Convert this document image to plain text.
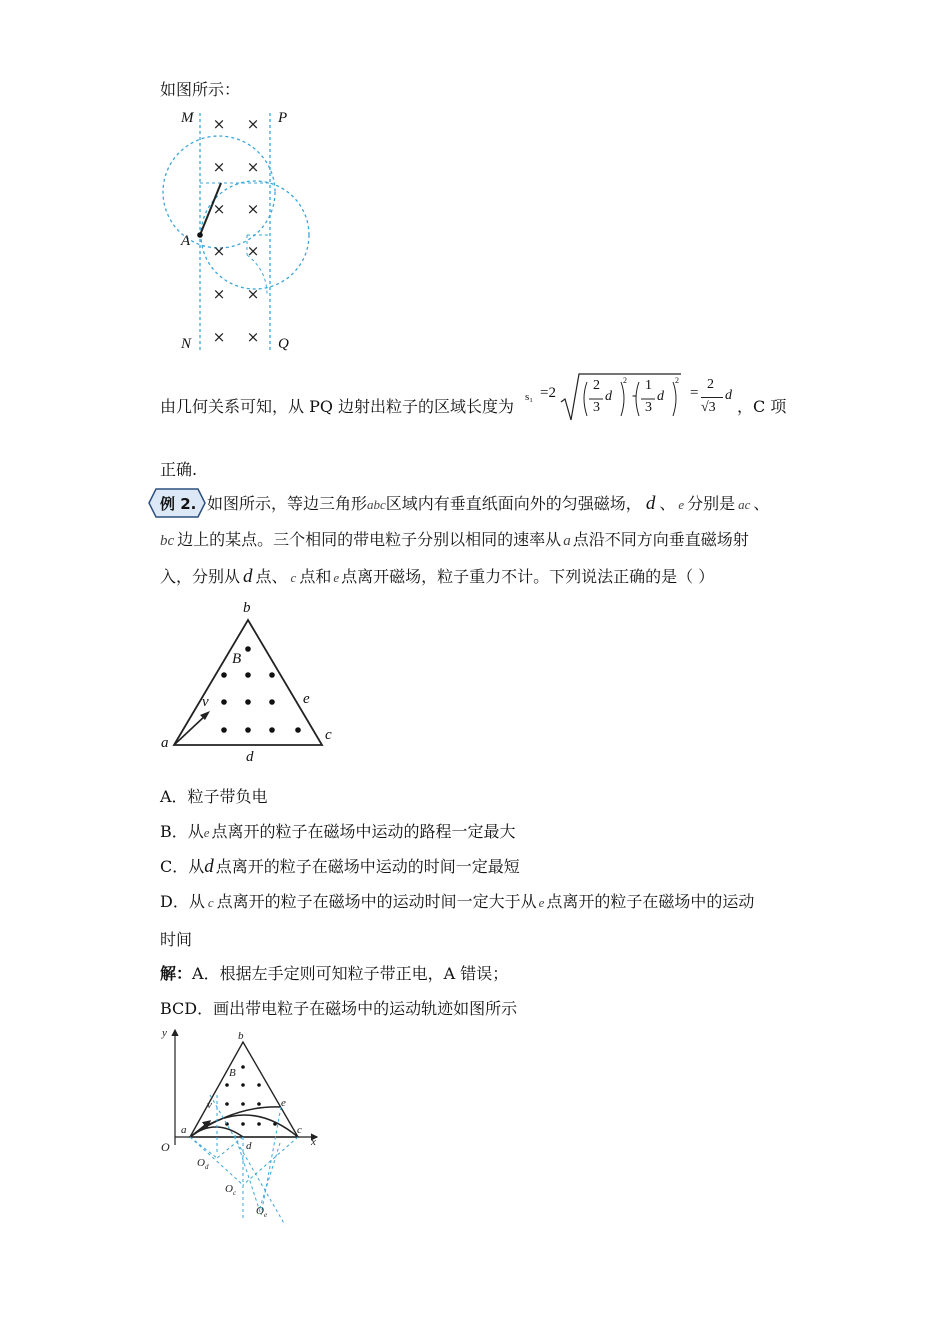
如图所示：
× ×
× ×
× ×
× ×
× ×
× ×
M	P
A
N	Q
由几何关系可知，从 PQ 边射出粒子的区域长度为 s₁ =2	2
3
d
2
-
1
3
d
2
=
2
√3
d
，C 项
正确.
例 2. 如图所示，等边三角形abc区域内有垂直纸面向外的匀强磁场， d 、 e 分别是 ac 、
bc 边上的某点。三个相同的带电粒子分别以相同的速率从 a 点沿不同方向垂直磁场射
入，分别从 d 点、 c 点和 e 点离开磁场，粒子重力不计。下列说法正确的是（ ）
b
B
v	e
a	c
d
A．粒子带负电
B．从e 点离开的粒子在磁场中运动的路程一定最大
C．从d 点离开的粒子在磁场中运动的时间一定最短
D．从 c 点离开的粒子在磁场中的运动时间一定大于从 e 点离开的粒子在磁场中的运动
时间
解：A．根据左手定则可知粒子带正电，A 错误；
BCD．画出带电粒子在磁场中的运动轨迹如图所示
y
x
O
b
B
v	e
a	c
d
$O_d$
$O_c$
$O_e$
